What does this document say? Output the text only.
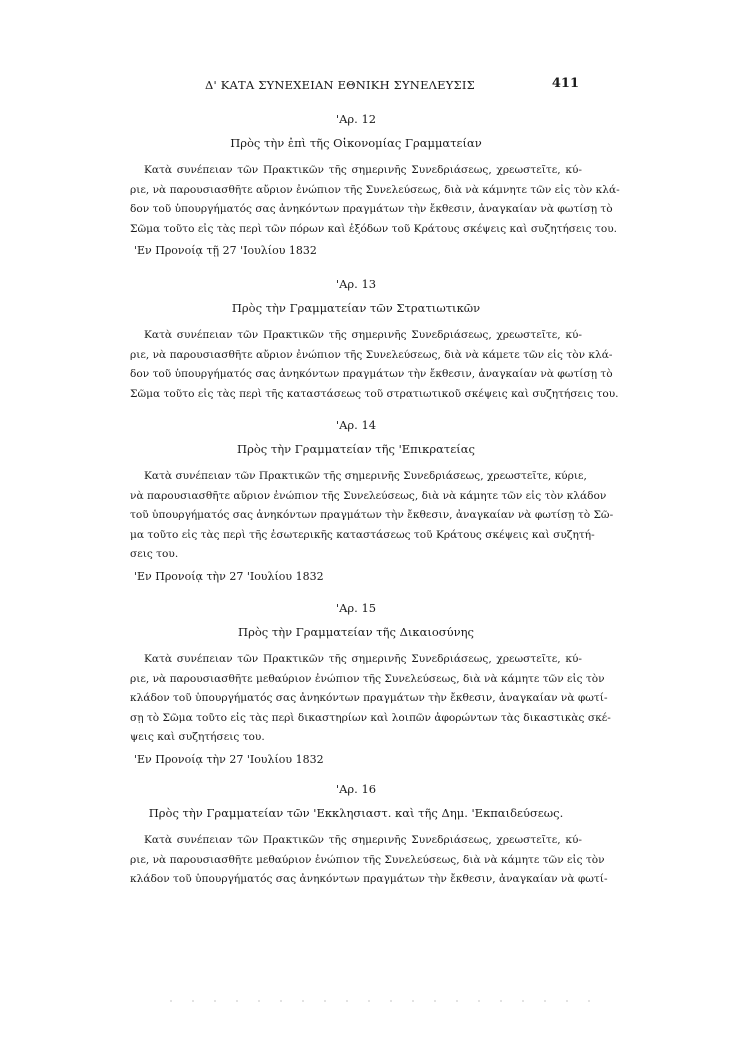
Δ' ΚΑΤΑ ΣΥΝΕΧΕΙΑΝ ΕΘΝΙΚΗ ΣΥΝΕΛΕΥΣΙΣ	411
'Αρ. 12
Πρὸς τὴν ἐπὶ τῆς Οἰκονομίας Γραμματείαν
Κατὰ συνέπειαν τῶν Πρακτικῶν τῆς σημερινῆς Συνεδριάσεως, χρεωστεῖτε, κύ-
ριε, νὰ παρουσιασθῆτε αὔριον ἐνώπιον τῆς Συνελεύσεως, διὰ νὰ κάμνητε τῶν εἰς τὸν κλά-
δον τοῦ ὑπουργήματός σας ἀνηκόντων πραγμάτων τὴν ἔκθεσιν, ἀναγκαίαν νὰ φωτίσῃ τὸ
Σῶμα τοῦτο εἰς τὰς περὶ τῶν πόρων καὶ ἐξόδων τοῦ Κράτους σκέψεις καὶ συζητήσεις του.
'Εν Προνοίᾳ τῇ 27 'Ιουλίου 1832
'Αρ. 13
Πρὸς τὴν Γραμματείαν τῶν Στρατιωτικῶν
Κατὰ συνέπειαν τῶν Πρακτικῶν τῆς σημερινῆς Συνεδριάσεως, χρεωστεῖτε, κύ-
ριε, νὰ παρουσιασθῆτε αὔριον ἐνώπιον τῆς Συνελεύσεως, διὰ νὰ κάμετε τῶν εἰς τὸν κλά-
δον τοῦ ὑπουργήματός σας ἀνηκόντων πραγμάτων τὴν ἔκθεσιν, ἀναγκαίαν νὰ φωτίσῃ τὸ
Σῶμα τοῦτο εἰς τὰς περὶ τῆς καταστάσεως τοῦ στρατιωτικοῦ σκέψεις καὶ συζητήσεις του.
'Αρ. 14
Πρὸς τὴν Γραμματείαν τῆς 'Επικρατείας
Κατὰ συνέπειαν τῶν Πρακτικῶν τῆς σημερινῆς Συνεδριάσεως, χρεωστεῖτε, κύριε,
νὰ παρουσιασθῆτε αὔριον ἐνώπιον τῆς Συνελεύσεως, διὰ νὰ κάμητε τῶν εἰς τὸν κλάδον
τοῦ ὑπουργήματός σας ἀνηκόντων πραγμάτων τὴν ἔκθεσιν, ἀναγκαίαν νὰ φωτίσῃ τὸ Σῶ-
μα τοῦτο εἰς τὰς περὶ τῆς ἐσωτερικῆς καταστάσεως τοῦ Κράτους σκέψεις καὶ συζητή-
σεις του.
'Εν Προνοίᾳ τὴν 27 'Ιουλίου 1832
'Αρ. 15
Πρὸς τὴν Γραμματείαν τῆς Δικαιοσύνης
Κατὰ συνέπειαν τῶν Πρακτικῶν τῆς σημερινῆς Συνεδριάσεως, χρεωστεῖτε, κύ-
ριε, νὰ παρουσιασθῆτε μεθαύριον ἐνώπιον τῆς Συνελεύσεως, διὰ νὰ κάμητε τῶν εἰς τὸν
κλάδον τοῦ ὑπουργήματός σας ἀνηκόντων πραγμάτων τὴν ἔκθεσιν, ἀναγκαίαν νὰ φωτί-
σῃ τὸ Σῶμα τοῦτο εἰς τὰς περὶ δικαστηρίων καὶ λοιπῶν ἀφορώντων τὰς δικαστικὰς σκέ-
ψεις καὶ συζητήσεις του.
'Εν Προνοίᾳ τὴν 27 'Ιουλίου 1832
'Αρ. 16
Πρὸς τὴν Γραμματείαν τῶν 'Εκκλησιαστ. καὶ τῆς Δημ. 'Εκπαιδεύσεως.
Κατὰ συνέπειαν τῶν Πρακτικῶν τῆς σημερινῆς Συνεδριάσεως, χρεωστεῖτε, κύ-
ριε, νὰ παρουσιασθῆτε μεθαύριον ἐνώπιον τῆς Συνελεύσεως, διὰ νὰ κάμητε τῶν εἰς τὸν
κλάδον τοῦ ὑπουργήματός σας ἀνηκόντων πραγμάτων τὴν ἔκθεσιν, ἀναγκαίαν νὰ φωτί-
